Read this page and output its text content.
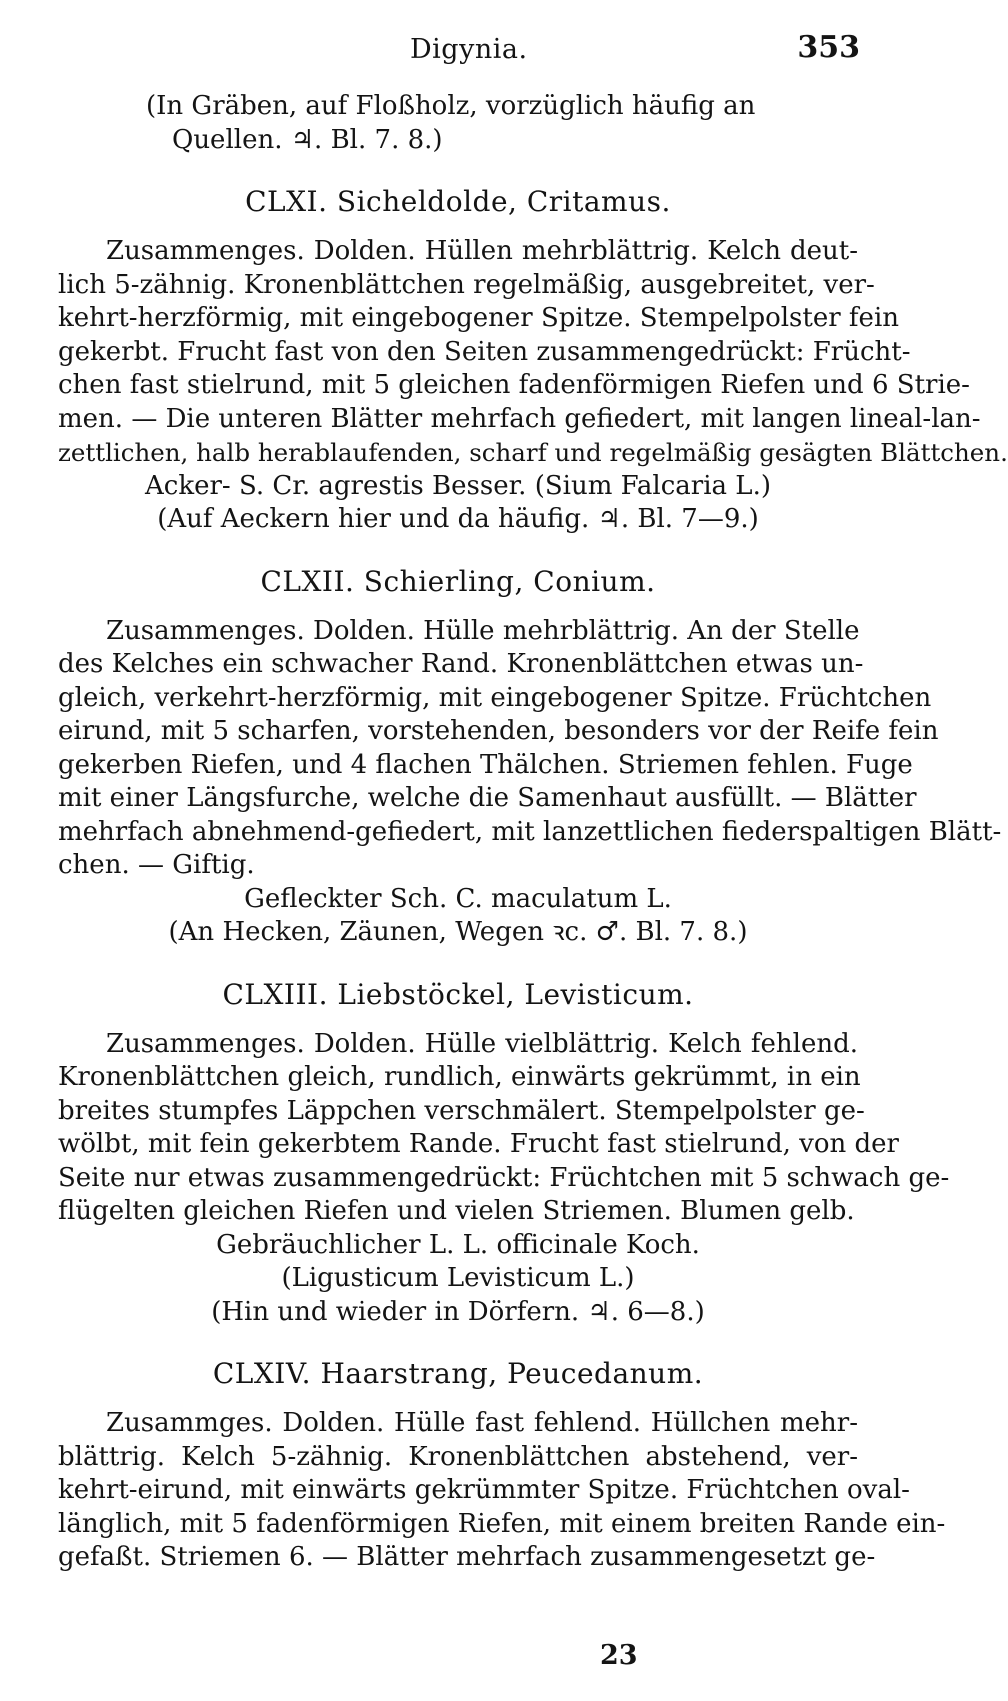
Digynia.	353
(In Gräben, auf Floßholz, vorzüglich häufig an
Quellen. ♃. Bl. 7. 8.)
CLXI. Sicheldolde, Critamus.
Zusammenges. Dolden. Hüllen mehrblättrig. Kelch deut-
lich 5-zähnig. Kronenblättchen regelmäßig, ausgebreitet, ver-
kehrt-herzförmig, mit eingebogener Spitze. Stempelpolster fein
gekerbt. Frucht fast von den Seiten zusammengedrückt: Frücht-
chen fast stielrund, mit 5 gleichen fadenförmigen Riefen und 6 Strie-
men. — Die unteren Blätter mehrfach gefiedert, mit langen lineal-lan-
zettlichen, halb herablaufenden, scharf und regelmäßig gesägten Blättchen.
Acker- S. Cr. agrestis Besser. (Sium Falcaria L.)
(Auf Aeckern hier und da häufig. ♃. Bl. 7—9.)
CLXII. Schierling, Conium.
Zusammenges. Dolden. Hülle mehrblättrig. An der Stelle
des Kelches ein schwacher Rand. Kronenblättchen etwas un-
gleich, verkehrt-herzförmig, mit eingebogener Spitze. Früchtchen
eirund, mit 5 scharfen, vorstehenden, besonders vor der Reife fein
gekerben Riefen, und 4 flachen Thälchen. Striemen fehlen. Fuge
mit einer Längsfurche, welche die Samenhaut ausfüllt. — Blätter
mehrfach abnehmend-gefiedert, mit lanzettlichen fiederspaltigen Blätt-
chen. — Giftig.
Gefleckter Sch. C. maculatum L.
(An Hecken, Zäunen, Wegen ꝛc. ♂. Bl. 7. 8.)
CLXIII. Liebstöckel, Levisticum.
Zusammenges. Dolden. Hülle vielblättrig. Kelch fehlend.
Kronenblättchen gleich, rundlich, einwärts gekrümmt, in ein
breites stumpfes Läppchen verschmälert. Stempelpolster ge-
wölbt, mit fein gekerbtem Rande. Frucht fast stielrund, von der
Seite nur etwas zusammengedrückt: Früchtchen mit 5 schwach ge-
flügelten gleichen Riefen und vielen Striemen. Blumen gelb.
Gebräuchlicher L. L. officinale Koch.
(Ligusticum Levisticum L.)
(Hin und wieder in Dörfern. ♃. 6—8.)
CLXIV. Haarstrang, Peucedanum.
Zusammges. Dolden. Hülle fast fehlend. Hüllchen mehr-
blättrig. Kelch 5-zähnig. Kronenblättchen abstehend, ver-
kehrt-eirund, mit einwärts gekrümmter Spitze. Früchtchen oval-
länglich, mit 5 fadenförmigen Riefen, mit einem breiten Rande ein-
gefaßt. Striemen 6. — Blätter mehrfach zusammengesetzt ge-
23
